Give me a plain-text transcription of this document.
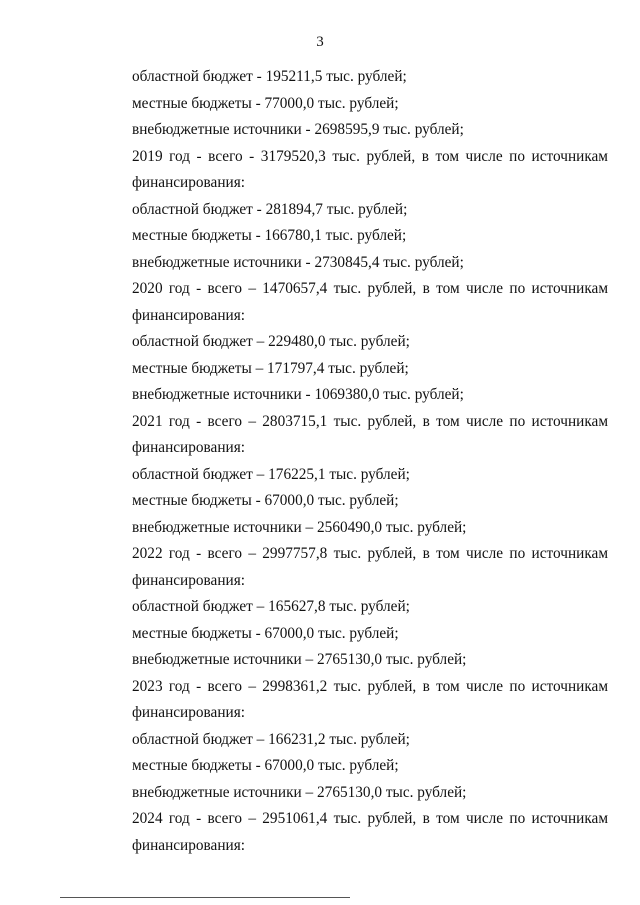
3
областной бюджет - 195211,5 тыс. рублей;
местные бюджеты - 77000,0 тыс. рублей;
внебюджетные источники - 2698595,9 тыс. рублей;
2019 год - всего - 3179520,3 тыс. рублей, в том числе по источникам
финансирования:
областной бюджет - 281894,7 тыс. рублей;
местные бюджеты - 166780,1 тыс. рублей;
внебюджетные источники - 2730845,4 тыс. рублей;
2020 год - всего – 1470657,4 тыс. рублей, в том числе по источникам
финансирования:
областной бюджет – 229480,0 тыс. рублей;
местные бюджеты – 171797,4 тыс. рублей;
внебюджетные источники - 1069380,0 тыс. рублей;
2021 год - всего – 2803715,1 тыс. рублей, в том числе по источникам
финансирования:
областной бюджет – 176225,1 тыс. рублей;
местные бюджеты - 67000,0 тыс. рублей;
внебюджетные источники – 2560490,0 тыс. рублей;
2022 год - всего – 2997757,8 тыс. рублей, в том числе по источникам
финансирования:
областной бюджет – 165627,8 тыс. рублей;
местные бюджеты - 67000,0 тыс. рублей;
внебюджетные источники – 2765130,0 тыс. рублей;
2023 год - всего – 2998361,2 тыс. рублей, в том числе по источникам
финансирования:
областной бюджет – 166231,2 тыс. рублей;
местные бюджеты - 67000,0 тыс. рублей;
внебюджетные источники – 2765130,0 тыс. рублей;
2024 год - всего – 2951061,4 тыс. рублей, в том числе по источникам
финансирования:
